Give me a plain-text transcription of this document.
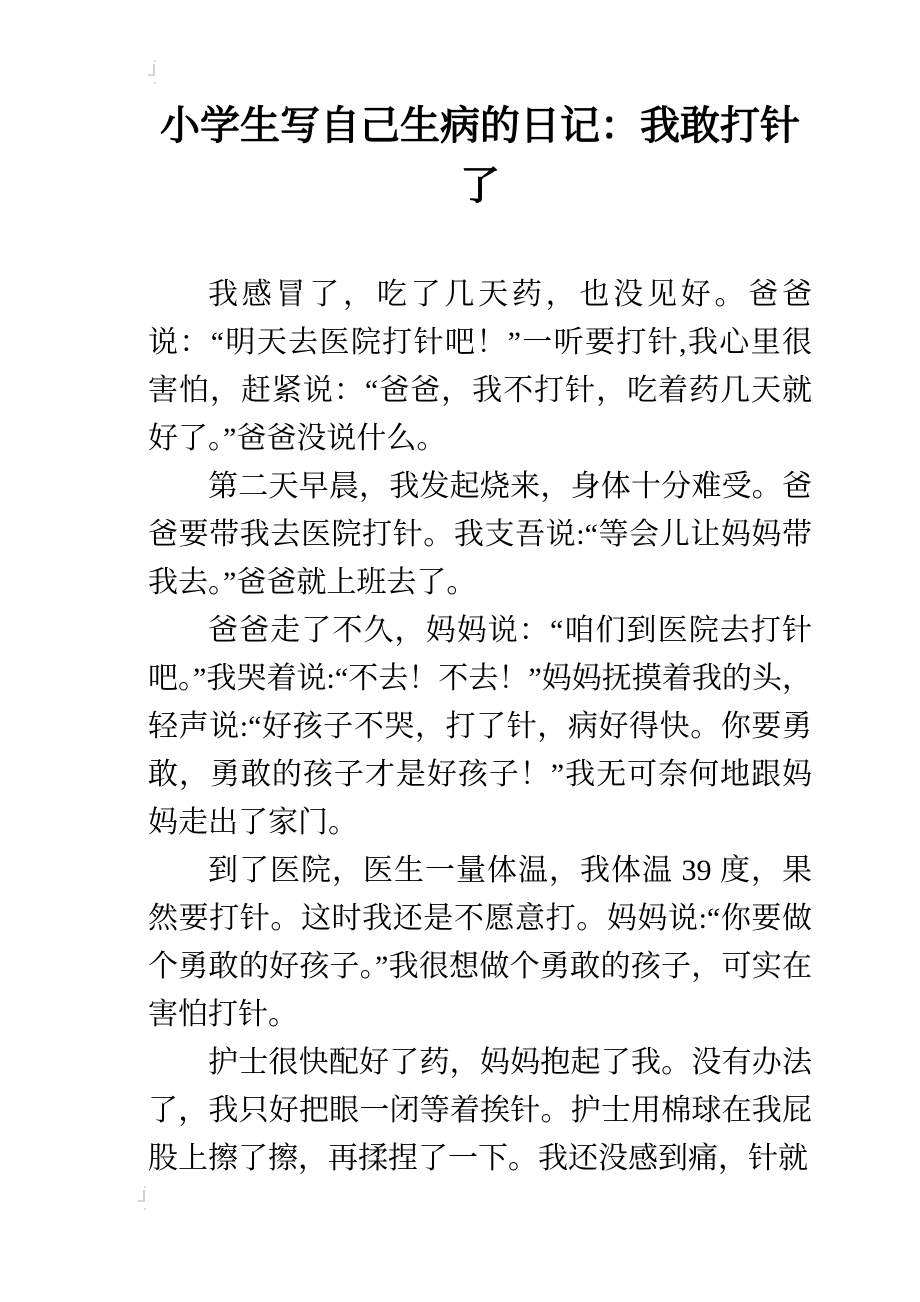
小学生写自己生病的日记：我敢打针
了

我感冒了，吃了几天药，也没见好。爸爸说：“明天去医院打针吧！”一听要打针,我心里很害怕，赶紧说：“爸爸，我不打针，吃着药几天就好了。”爸爸没说什么。

第二天早晨，我发起烧来，身体十分难受。爸爸要带我去医院打针。我支吾说:“等会儿让妈妈带我去。”爸爸就上班去了。

爸爸走了不久，妈妈说：“咱们到医院去打针吧。”我哭着说:“不去！不去！”妈妈抚摸着我的头，轻声说:“好孩子不哭，打了针，病好得快。你要勇敢，勇敢的孩子才是好孩子！”我无可奈何地跟妈妈走出了家门。

到了医院，医生一量体温，我体温 39 度，果然要打针。这时我还是不愿意打。妈妈说:“你要做个勇敢的好孩子。”我很想做个勇敢的孩子，可实在害怕打针。

护士很快配好了药，妈妈抱起了我。没有办法了，我只好把眼一闭等着挨针。护士用棉球在我屁股上擦了擦，再揉捏了一下。我还没感到痛，针就
